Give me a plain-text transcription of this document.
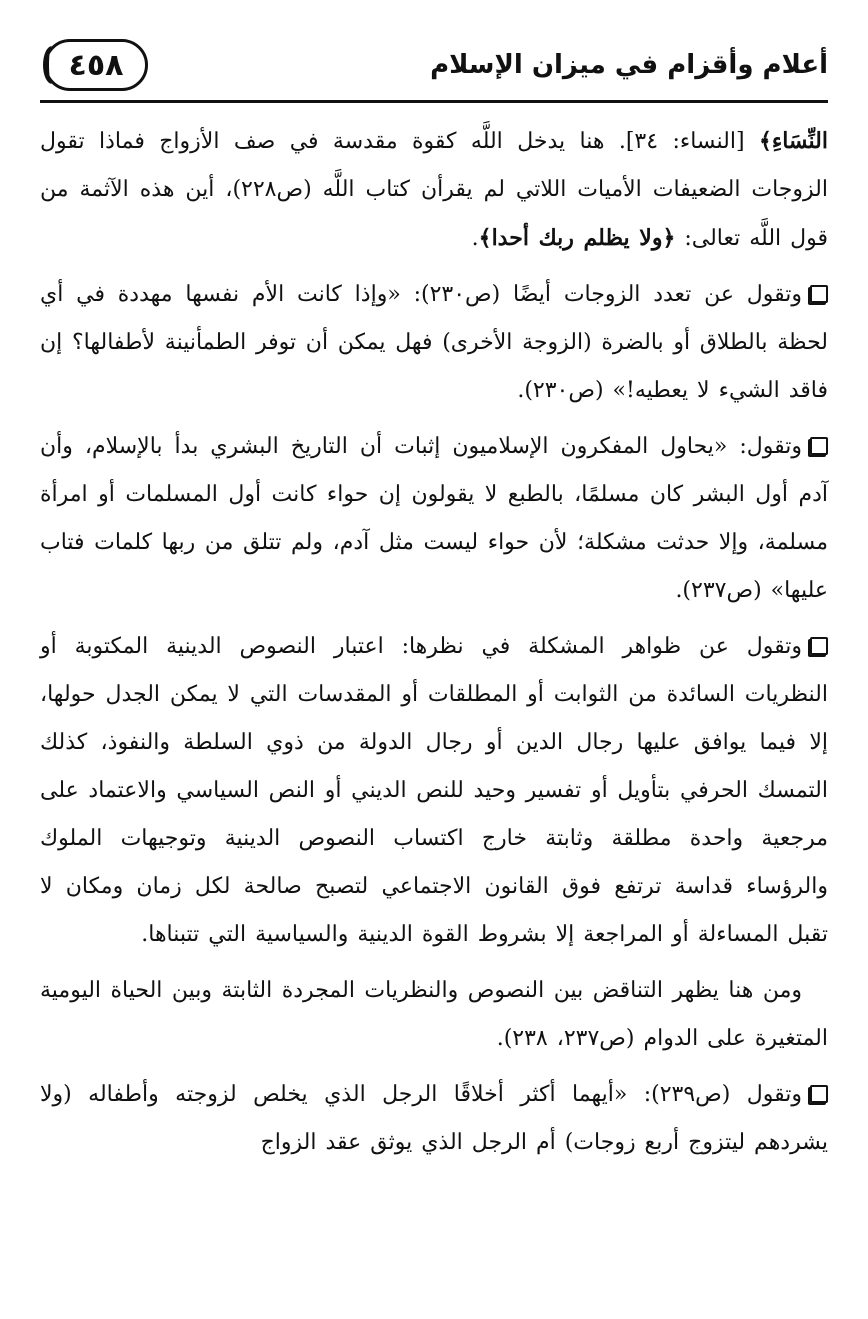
٤٥٨	أعلام وأقزام في ميزان الإسلام

النِّسَاءِ﴾ [النساء: ٣٤]. هنا يدخل اللَّه كقوة مقدسة في صف الأزواج فماذا تقول الزوجات الضعيفات الأميات اللاتي لم يقرأن كتاب اللَّه (ص٢٢٨)، أين هذه الآثمة من قول اللَّه تعالى: ﴿ولا يظلم ربك أحدا﴾.

وتقول عن تعدد الزوجات أيضًا (ص٢٣٠): «وإذا كانت الأم نفسها مهددة في أي لحظة بالطلاق أو بالضرة (الزوجة الأخرى) فهل يمكن أن توفر الطمأنينة لأطفالها؟ إن فاقد الشيء لا يعطيه!» (ص٢٣٠).

وتقول: «يحاول المفكرون الإسلاميون إثبات أن التاريخ البشري بدأ بالإسلام، وأن آدم أول البشر كان مسلمًا، بالطبع لا يقولون إن حواء كانت أول المسلمات أو امرأة مسلمة، وإلا حدثت مشكلة؛ لأن حواء ليست مثل آدم، ولم تتلق من ربها كلمات فتاب عليها» (ص٢٣٧).

وتقول عن ظواهر المشكلة في نظرها: اعتبار النصوص الدينية المكتوبة أو النظريات السائدة من الثوابت أو المطلقات أو المقدسات التي لا يمكن الجدل حولها، إلا فيما يوافق عليها رجال الدين أو رجال الدولة من ذوي السلطة والنفوذ، كذلك التمسك الحرفي بتأويل أو تفسير وحيد للنص الديني أو النص السياسي والاعتماد على مرجعية واحدة مطلقة وثابتة خارج اكتساب النصوص الدينية وتوجيهات الملوك والرؤساء قداسة ترتفع فوق القانون الاجتماعي لتصبح صالحة لكل زمان ومكان لا تقبل المساءلة أو المراجعة إلا بشروط القوة الدينية والسياسية التي تتبناها.

ومن هنا يظهر التناقض بين النصوص والنظريات المجردة الثابتة وبين الحياة اليومية المتغيرة على الدوام (ص٢٣٧، ٢٣٨).

وتقول (ص٢٣٩): «أيهما أكثر أخلاقًا الرجل الذي يخلص لزوجته وأطفاله (ولا يشردهم ليتزوج أربع زوجات) أم الرجل الذي يوثق عقد الزواج
